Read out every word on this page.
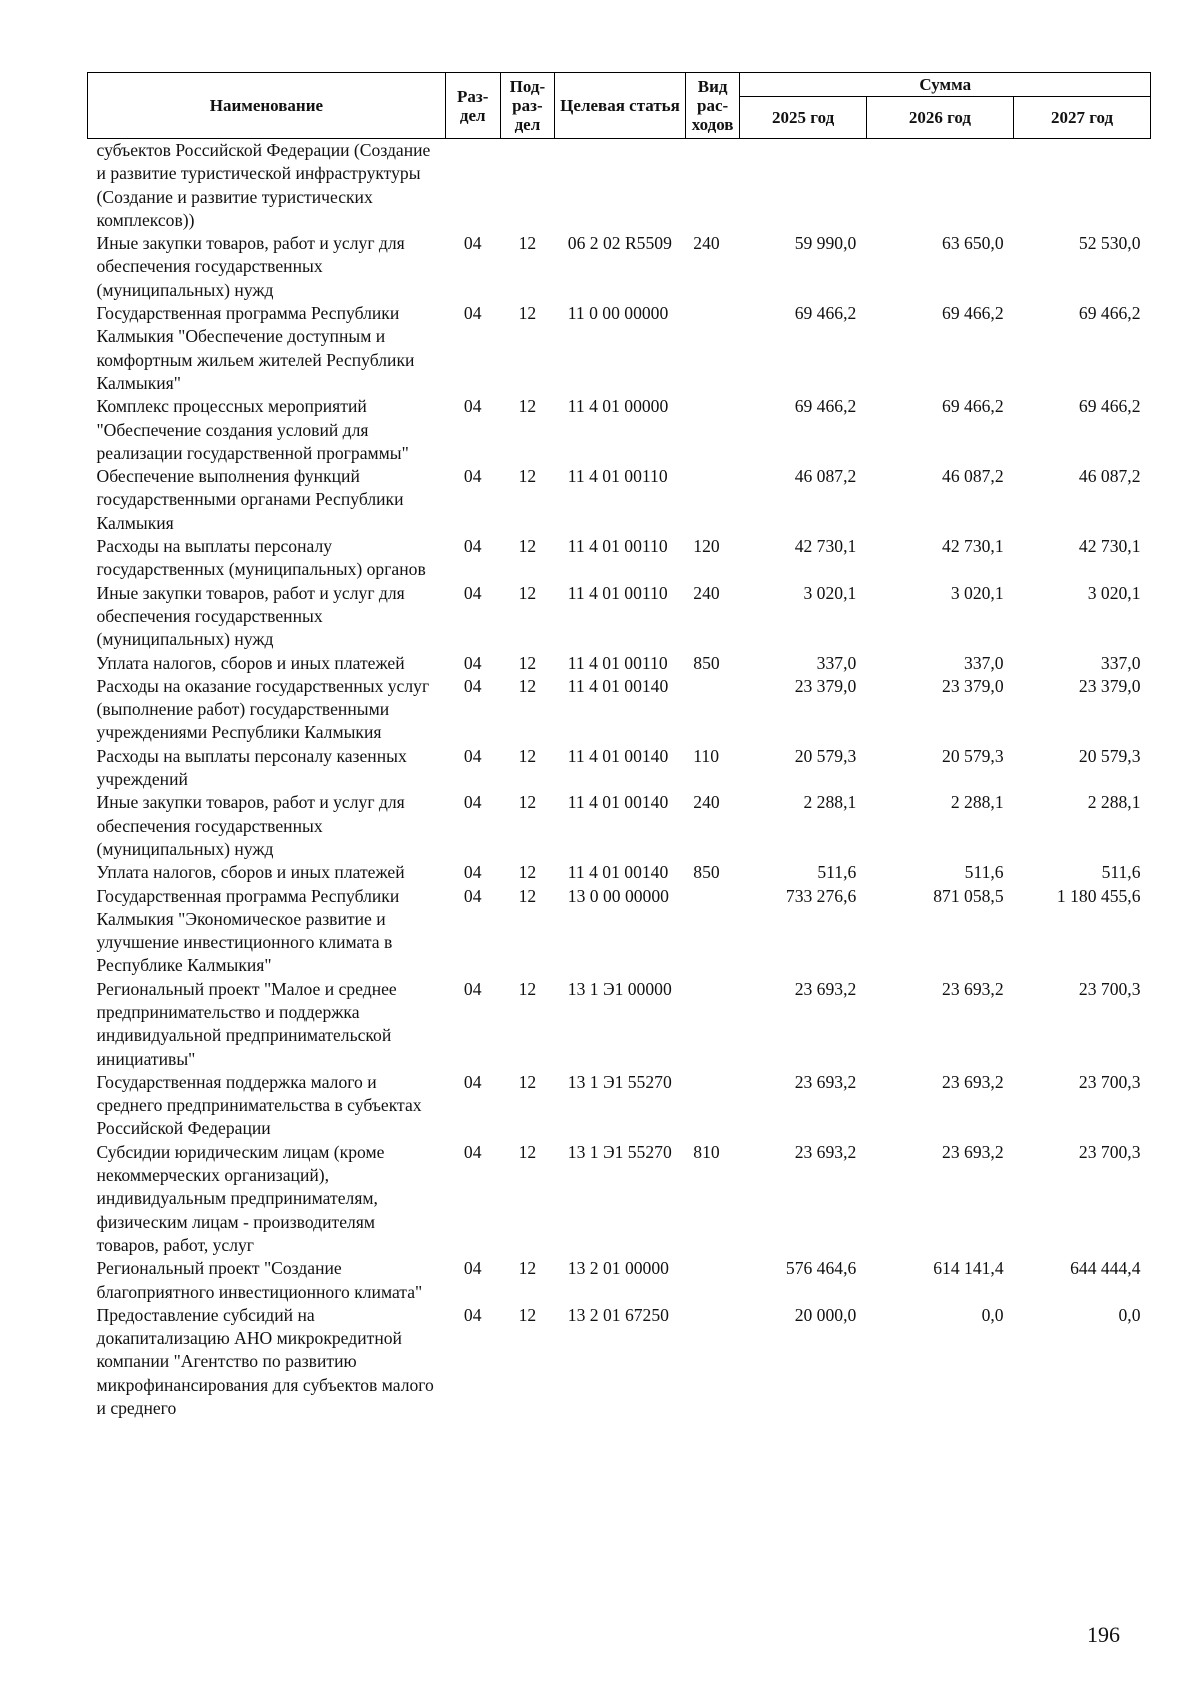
Наименование	Раз-дел	Под-раз-дел	Целевая статья	Вид рас-ходов	Сумма		
					2025 год	2026 год	2027 год
субъектов Российской Федерации (Создание и развитие туристической инфраструктуры (Создание и развитие туристических комплексов))							
Иные закупки товаров, работ и услуг для обеспечения государственных (муниципальных) нужд	04	12	06 2 02 R5509	240	59 990,0	63 650,0	52 530,0
Государственная программа Республики Калмыкия "Обеспечение доступным и комфортным жильем жителей Республики Калмыкия"	04	12	11 0 00 00000		69 466,2	69 466,2	69 466,2
Комплекс процессных мероприятий "Обеспечение создания условий для реализации государственной программы"	04	12	11 4 01 00000		69 466,2	69 466,2	69 466,2
Обеспечение выполнения функций государственными органами Республики Калмыкия	04	12	11 4 01 00110		46 087,2	46 087,2	46 087,2
Расходы на выплаты персоналу государственных (муниципальных) органов	04	12	11 4 01 00110	120	42 730,1	42 730,1	42 730,1
Иные закупки товаров, работ и услуг для обеспечения государственных (муниципальных) нужд	04	12	11 4 01 00110	240	3 020,1	3 020,1	3 020,1
Уплата налогов, сборов и иных платежей	04	12	11 4 01 00110	850	337,0	337,0	337,0
Расходы на оказание государственных услуг (выполнение работ) государственными учреждениями Республики Калмыкия	04	12	11 4 01 00140		23 379,0	23 379,0	23 379,0
Расходы на выплаты персоналу казенных учреждений	04	12	11 4 01 00140	110	20 579,3	20 579,3	20 579,3
Иные закупки товаров, работ и услуг для обеспечения государственных (муниципальных) нужд	04	12	11 4 01 00140	240	2 288,1	2 288,1	2 288,1
Уплата налогов, сборов и иных платежей	04	12	11 4 01 00140	850	511,6	511,6	511,6
Государственная программа Республики Калмыкия "Экономическое развитие и улучшение инвестиционного климата в Республике Калмыкия"	04	12	13 0 00 00000		733 276,6	871 058,5	1 180 455,6
Региональный проект "Малое и среднее предпринимательство и поддержка индивидуальной предпринимательской инициативы"	04	12	13 1 Э1 00000		23 693,2	23 693,2	23 700,3
Государственная поддержка малого и среднего предпринимательства в субъектах Российской Федерации	04	12	13 1 Э1 55270		23 693,2	23 693,2	23 700,3
Субсидии юридическим лицам (кроме некоммерческих организаций), индивидуальным предпринимателям, физическим лицам - производителям товаров, работ, услуг	04	12	13 1 Э1 55270	810	23 693,2	23 693,2	23 700,3
Региональный проект "Создание благоприятного инвестиционного климата"	04	12	13 2 01 00000		576 464,6	614 141,4	644 444,4
Предоставление субсидий на докапитализацию АНО микрокредитной компании "Агентство по развитию микрофинансирования для субъектов малого и среднего	04	12	13 2 01 67250		20 000,0	0,0	0,0
196
